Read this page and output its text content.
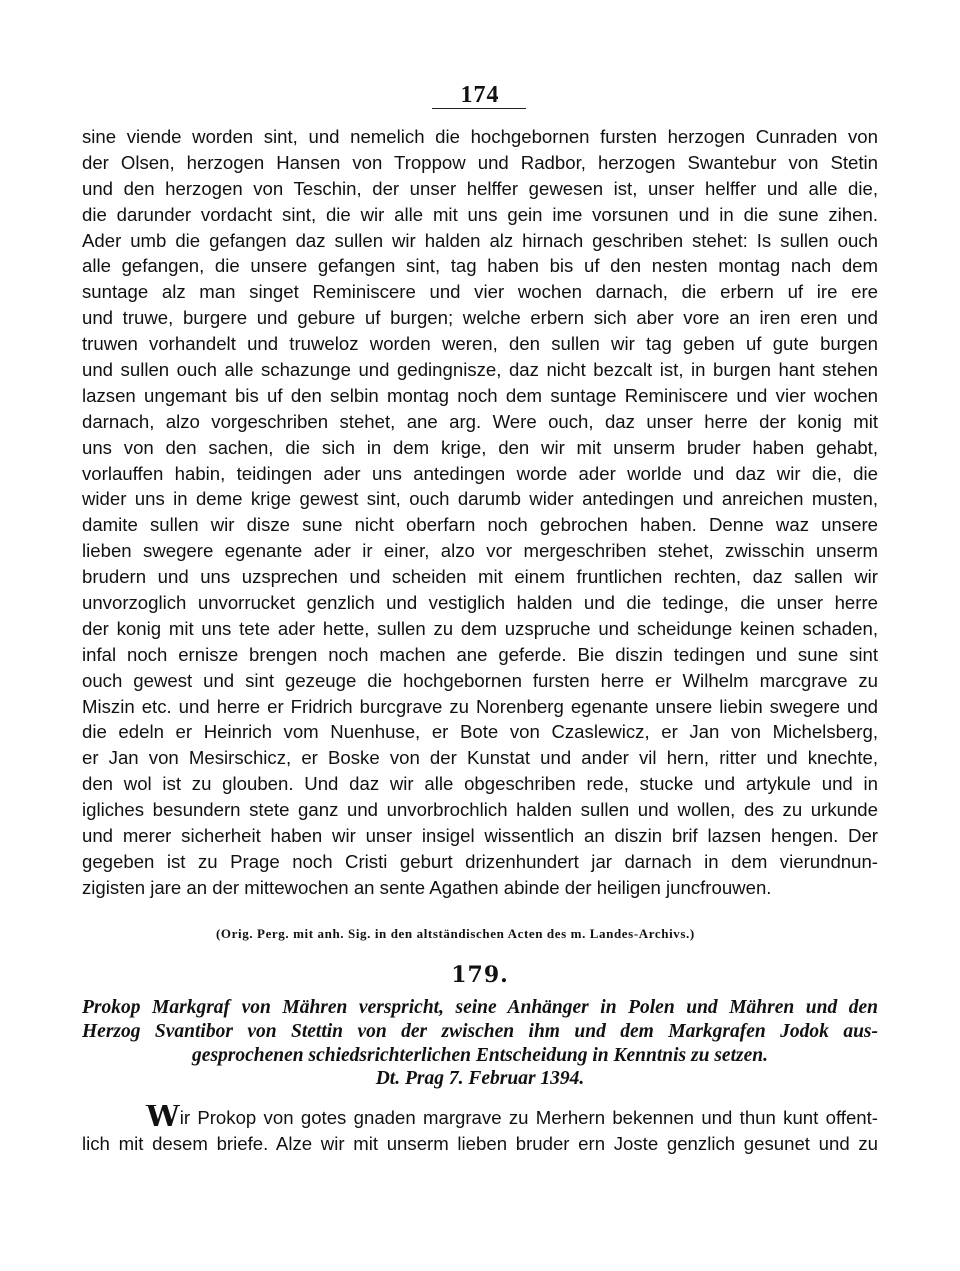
174
sine viende worden sint, und nemelich die hochgebornen fursten herzogen Cunraden von
der Olsen, herzogen Hansen von Troppow und Radbor, herzogen Swantebur von Stetin
und den herzogen von Teschin, der unser helffer gewesen ist, unser helffer und alle die,
die darunder vordacht sint, die wir alle mit uns gein ime vorsunen und in die sune zihen.
Ader umb die gefangen daz sullen wir halden alz hirnach geschriben stehet: Is sullen ouch
alle gefangen, die unsere gefangen sint, tag haben bis uf den nesten montag nach dem
suntage alz man singet Reminiscere und vier wochen darnach, die erbern uf ire ere
und truwe, burgere und gebure uf burgen; welche erbern sich aber vore an iren eren und
truwen vorhandelt und truweloz worden weren, den sullen wir tag geben uf gute burgen
und sullen ouch alle schazunge und gedingnisze, daz nicht bezcalt ist, in burgen hant stehen
lazsen ungemant bis uf den selbin montag noch dem suntage Reminiscere und vier wochen
darnach, alzo vorgeschriben stehet, ane arg. Were ouch, daz unser herre der konig mit
uns von den sachen, die sich in dem krige, den wir mit unserm bruder haben gehabt,
vorlauffen habin, teidingen ader uns antedingen worde ader worlde und daz wir die, die
wider uns in deme krige gewest sint, ouch darumb wider antedingen und anreichen musten,
damite sullen wir disze sune nicht oberfarn noch gebrochen haben. Denne waz unsere
lieben swegere egenante ader ir einer, alzo vor mergeschriben stehet, zwisschin unserm
brudern und uns uzsprechen und scheiden mit einem fruntlichen rechten, daz sallen wir
unvorzoglich unvorrucket genzlich und vestiglich halden und die tedinge, die unser herre
der konig mit uns tete ader hette, sullen zu dem uzspruche und scheidunge keinen schaden,
infal noch ernisze brengen noch machen ane geferde. Bie diszin tedingen und sune sint
ouch gewest und sint gezeuge die hochgebornen fursten herre er Wilhelm marcgrave zu
Miszin etc. und herre er Fridrich burcgrave zu Norenberg egenante unsere liebin swegere und
die edeln er Heinrich vom Nuenhuse, er Bote von Czaslewicz, er Jan von Michelsberg,
er Jan von Mesirschicz, er Boske von der Kunstat und ander vil hern, ritter und knechte,
den wol ist zu glouben. Und daz wir alle obgeschriben rede, stucke und artykule und in
igliches besundern stete ganz und unvorbrochlich halden sullen und wollen, des zu urkunde
und merer sicherheit haben wir unser insigel wissentlich an diszin brif lazsen hengen. Der
gegeben ist zu Prage noch Cristi geburt drizenhundert jar darnach in dem vierundnun-
zigisten jare an der mittewochen an sente Agathen abinde der heiligen juncfrouwen.
(Orig. Perg. mit anh. Sig. in den altständischen Acten des m. Landes-Archivs.)
179.
Prokop Markgraf von Mähren verspricht, seine Anhänger in Polen und Mähren und den
Herzog Svantibor von Stettin von der zwischen ihm und dem Markgrafen Jodok aus-
gesprochenen schiedsrichterlichen Entscheidung in Kenntnis zu setzen.
Dt. Prag 7. Februar 1394.
Wir Prokop von gotes gnaden margrave zu Merhern bekennen und thun kunt offent-
lich mit desem briefe. Alze wir mit unserm lieben bruder ern Joste genzlich gesunet und zu
